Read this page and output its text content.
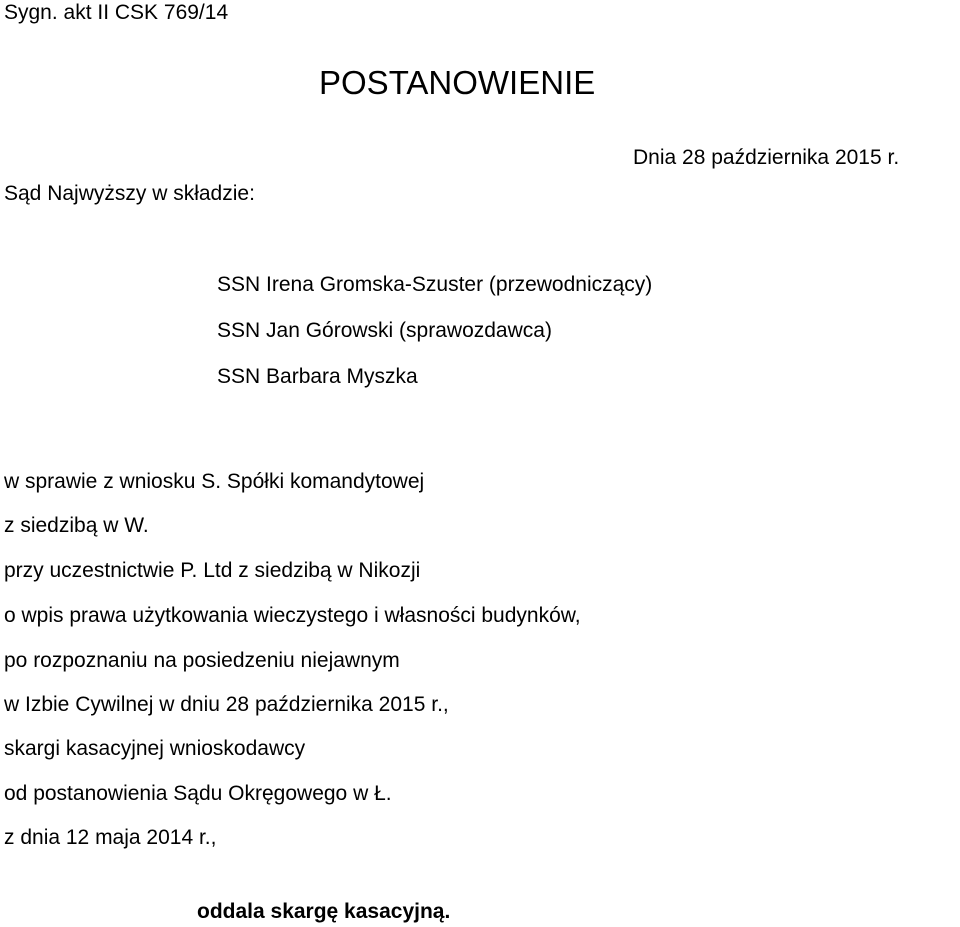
Sygn. akt II CSK 769/14
POSTANOWIENIE
Dnia 28 października 2015 r.
Sąd Najwyższy w składzie:
SSN Irena Gromska-Szuster (przewodniczący)
SSN Jan Górowski (sprawozdawca)
SSN Barbara Myszka
w sprawie z wniosku S. Spółki komandytowej
z siedzibą w W.
przy uczestnictwie P. Ltd z siedzibą w Nikozji
o wpis prawa użytkowania wieczystego i własności budynków,
po rozpoznaniu na posiedzeniu niejawnym
w Izbie Cywilnej w dniu 28 października 2015 r.,
skargi kasacyjnej wnioskodawcy
od postanowienia Sądu Okręgowego w Ł.
z dnia 12 maja 2014 r.,
oddala skargę kasacyjną.
